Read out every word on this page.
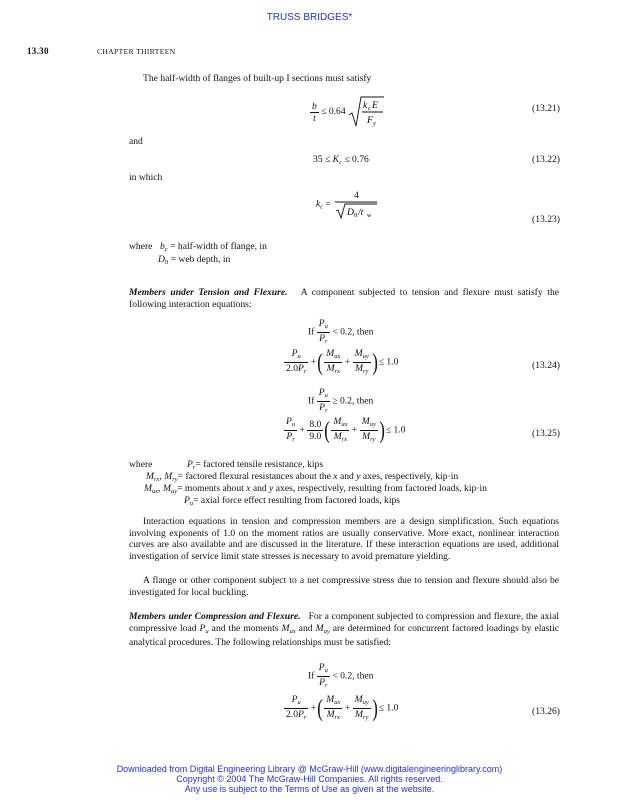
TRUSS BRIDGES*
13.30	CHAPTER THIRTEEN
The half-width of flanges of built-up I sections must satisfy
$\frac{b}{t} \le 0.64$
k c E
F y
(13.21)
and
$35 \le K_c \le 0.76$	(13.22)
in which
$k_c$ =
4
D 0 /t w	(13.23)
where $b_c$ = half-width of flange, in
$D_0$ = web depth, in
Members under Tension and Flexure. A component subjected to tension and flexure must satisfy the following interaction equations:
If $\frac{P_u}{P_r} < 0.2$, then
$\frac{P_u}{2.0P_r}$ +( $\frac{M_{ux}}{M_{rx}} + \frac{M_{uy}}{M_{ry}}$ )≤ 1.0	(13.24)
If $\frac{P_u}{P_r} \ge 0.2$, then
$\frac{P_u}{P_r} + \frac{8.0}{9.0}$ ( $\frac{M_{ux}}{M_{rx}} + \frac{M_{uy}}{M_{ry}}$ )≤ 1.0	(13.25)
where	$P_r=$ factored tensile resistance, kips
$M_{rx}$, $M_{ry}=$ factored flexural resistances about the x and y axes, respectively, kip·in
$M_{ux}$, $M_{uy}=$ moments about x and y axes, respectively, resulting from factored loads, kip·in
$P_u=$ axial force effect resulting from factored loads, kips
Interaction equations in tension and compression members are a design simplification. Such equations involving exponents of 1.0 on the moment ratios are usually conservative. More exact, nonlinear interaction curves are also available and are discussed in the literature. If these interaction equations are used, additional investigation of service limit state stresses is necessary to avoid premature yielding.
A flange or other component subject to a net compressive stress due to tension and flexure should also be investigated for local buckling.
Members under Compression and Flexure. For a component subjected to compression and flexure, the axial compressive load $P_u$ and the moments $M_{ux}$ and $M_{uy}$ are determined for concurrent factored loadings by elastic analytical procedures. The following relationships must be satisfied:
If $\frac{P_u}{P_r} < 0.2$, then
$\frac{P_u}{2.0P_r}$ +( $\frac{M_{ux}}{M_{rx}} + \frac{M_{uy}}{M_{ry}}$ )≤ 1.0	(13.26)
Downloaded from Digital Engineering Library @ McGraw-Hill (www.digitalengineeringlibrary.com)
Copyright © 2004 The McGraw-Hill Companies. All rights reserved.
Any use is subject to the Terms of Use as given at the website.
